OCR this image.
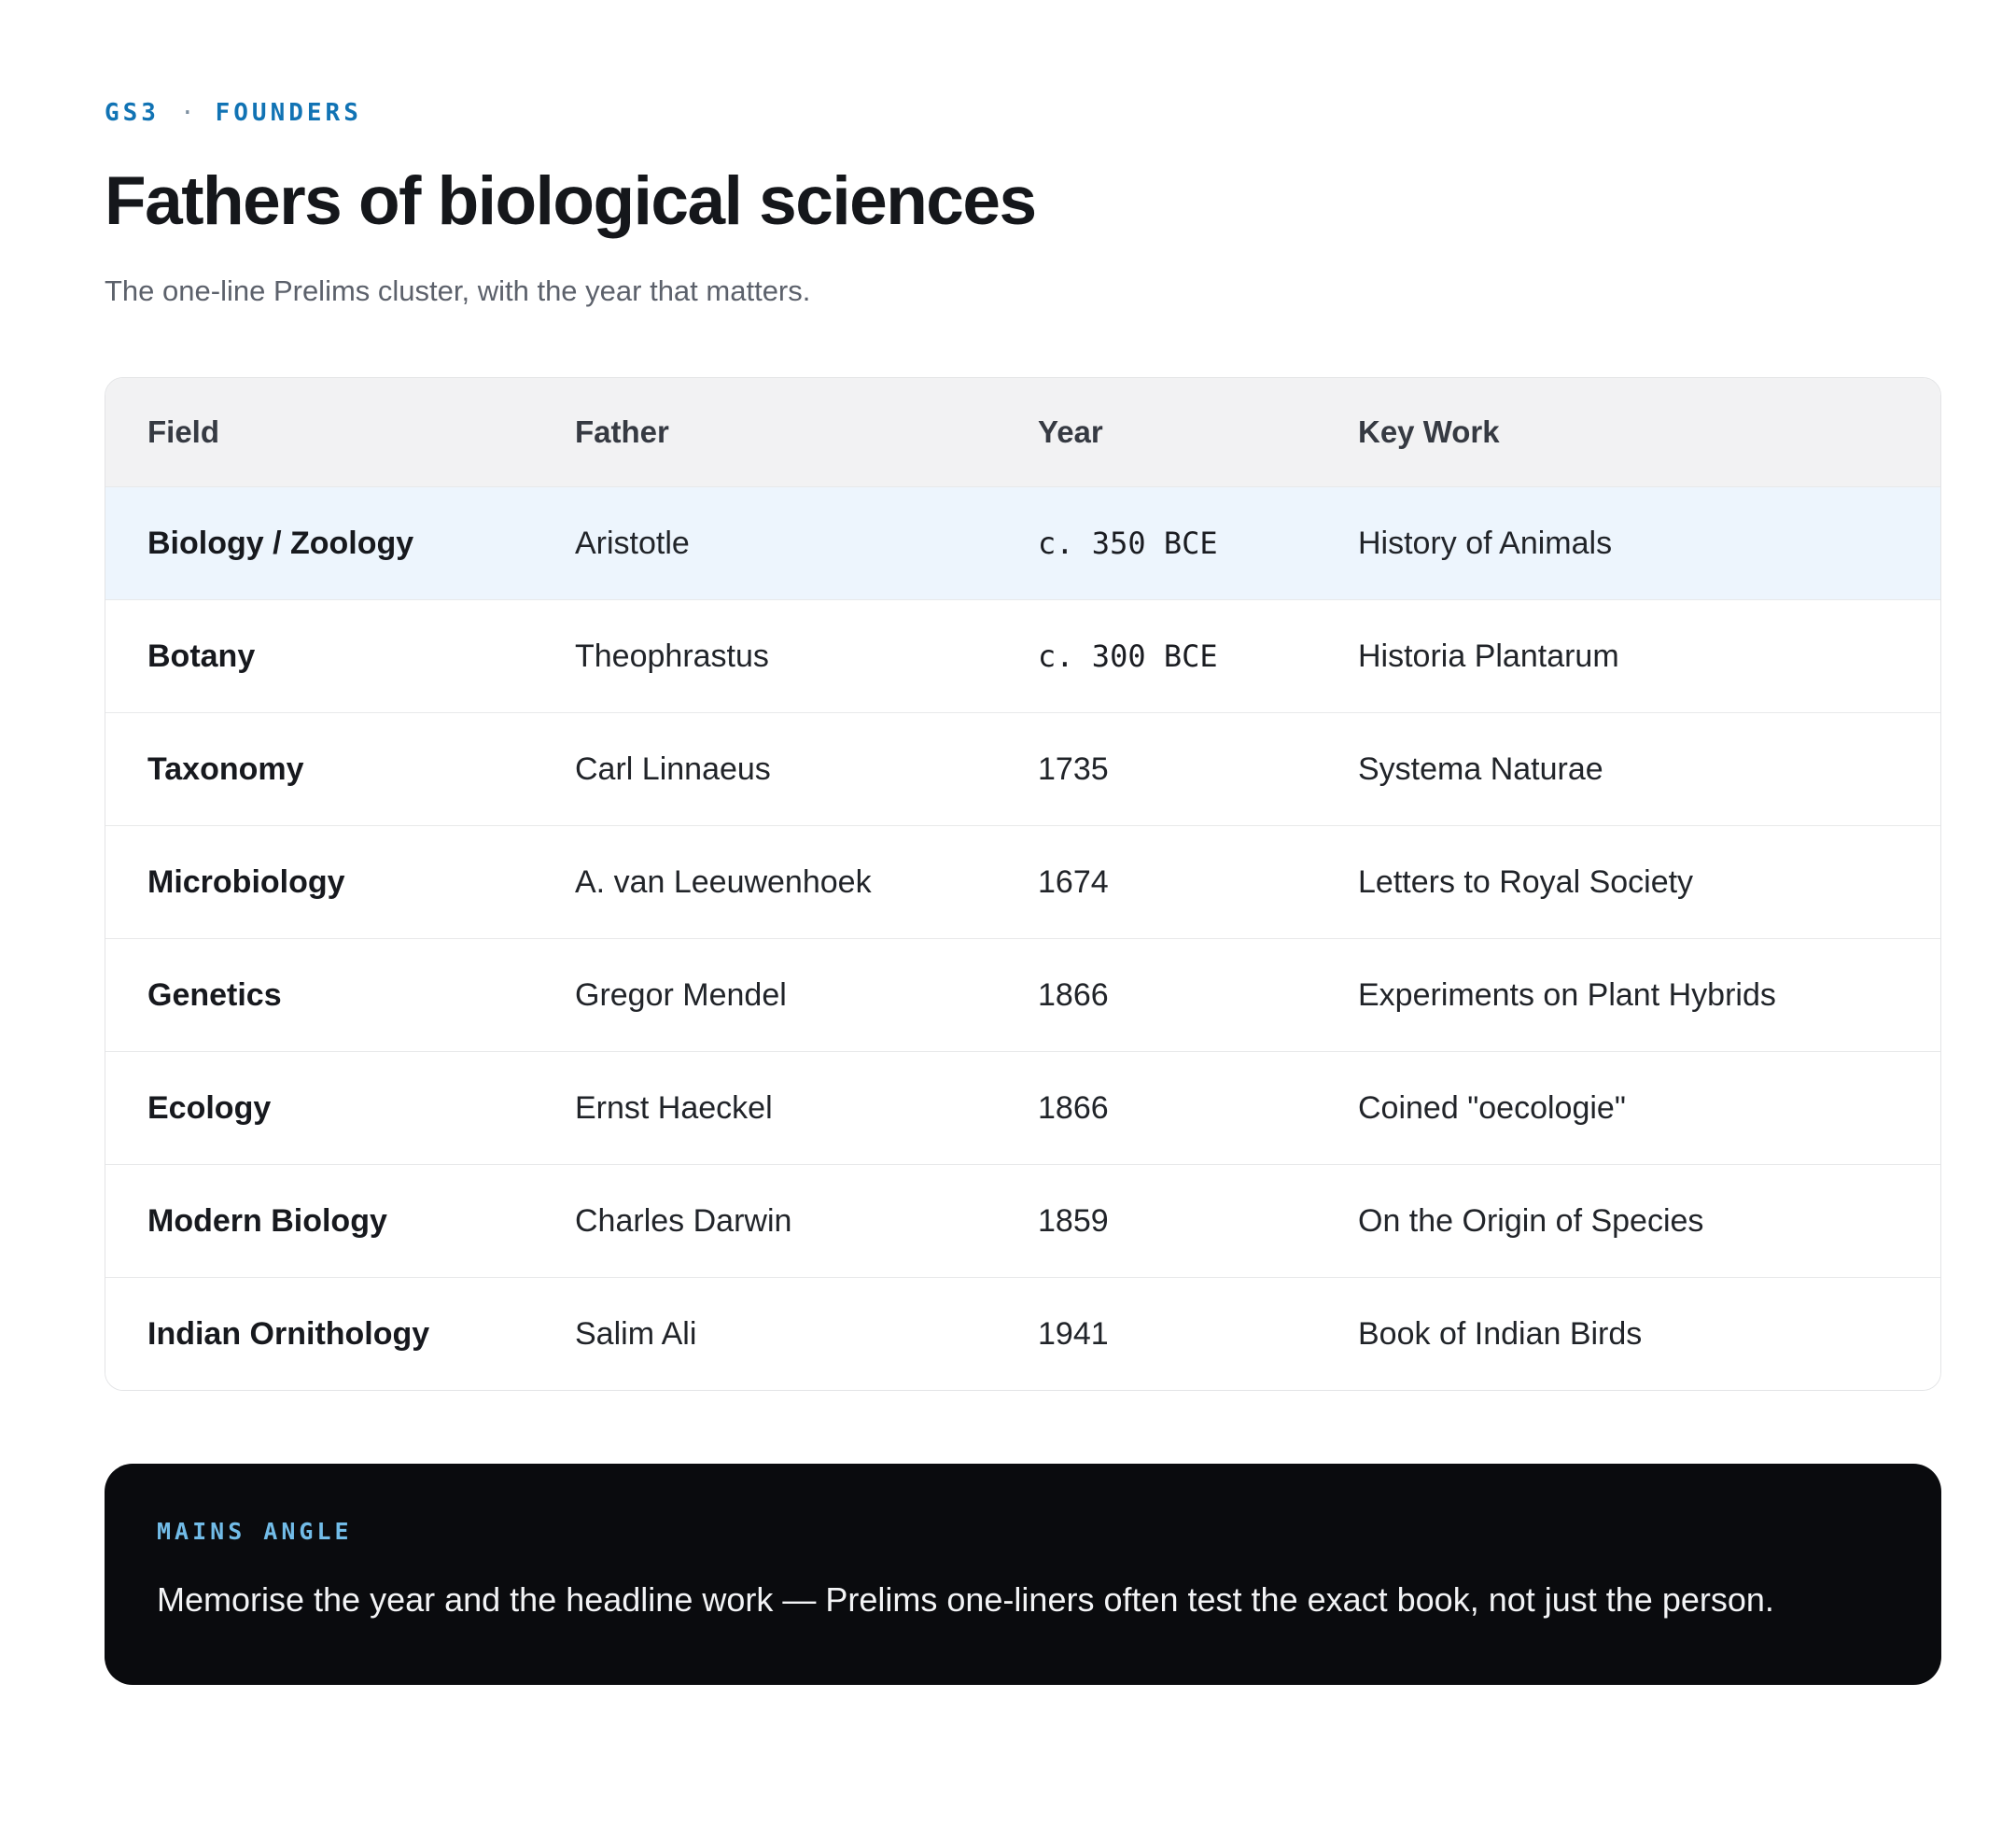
GS3 · FOUNDERS
Fathers of biological sciences

The one-line Prelims cluster, with the year that matters.

Field	Father	Year	Key Work
Biology / Zoology	Aristotle	c. 350 BCE	History of Animals
Botany	Theophrastus	c. 300 BCE	Historia Plantarum
Taxonomy	Carl Linnaeus	1735	Systema Naturae
Microbiology	A. van Leeuwenhoek	1674	Letters to Royal Society
Genetics	Gregor Mendel	1866	Experiments on Plant Hybrids
Ecology	Ernst Haeckel	1866	Coined "oecologie"
Modern Biology	Charles Darwin	1859	On the Origin of Species
Indian Ornithology	Salim Ali	1941	Book of Indian Birds
MAINS ANGLE

Memorise the year and the headline work — Prelims one-liners often test the exact book, not just the person.
